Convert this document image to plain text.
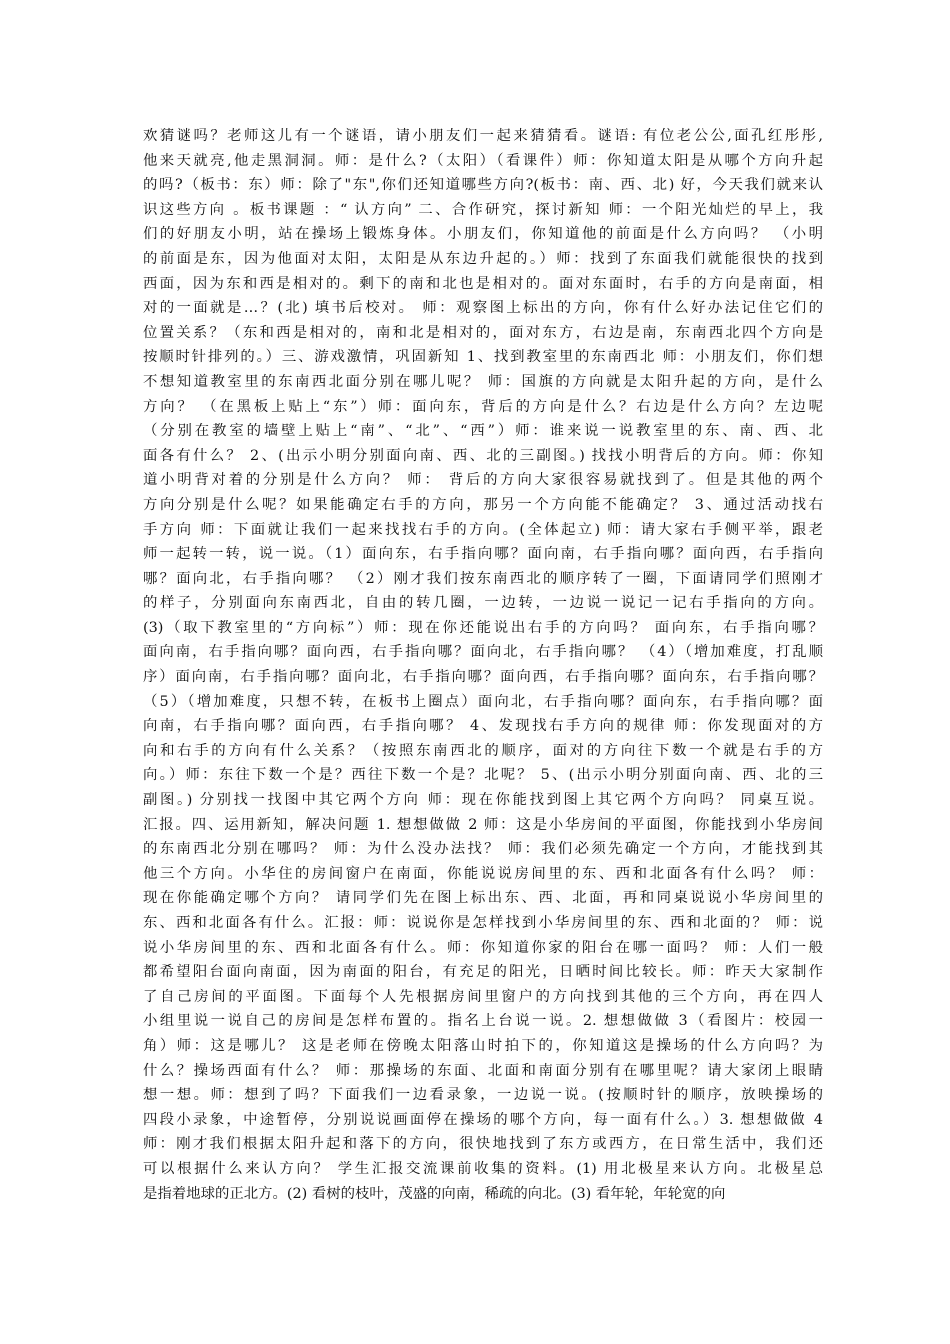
欢猜谜吗？老师这儿有一个谜语，请小朋友们一起来猜猜看。谜语: 有位老公公,面孔红彤彤,
他来天就亮,他走黑洞洞。师：是什么?（太阳）（看课件）师：你知道太阳是从哪个方向升起
的吗?（板书：东）师：除了"东",你们还知道哪些方向?(板书：南、西、北) 好，今天我们就来认
识这些方向 。板书课题 ：“ 认方向” 二、合作研究，探讨新知 师：一个阳光灿烂的早上，我
们的好朋友小明，站在操场上锻炼身体。小朋友们，你知道他的前面是什么方向吗？ （小明
的前面是东，因为他面对太阳，太阳是从东边升起的。）师：找到了东面我们就能很快的找到
西面，因为东和西是相对的。剩下的南和北也是相对的。面对东面时，右手的方向是南面，相
对的一面就是…？(北) 填书后校对。 师：观察图上标出的方向，你有什么好办法记住它们的
位置关系？（东和西是相对的，南和北是相对的，面对东方，右边是南，东南西北四个方向是
按顺时针排列的。）三、游戏激情，巩固新知 1、找到教室里的东南西北 师：小朋友们，你们想
不想知道教室里的东南西北面分别在哪儿呢？ 师：国旗的方向就是太阳升起的方向，是什么
方向？ （在黑板上贴上“东”）师：面向东，背后的方向是什么？右边是什么方向？左边呢
（分别在教室的墙壁上贴上“南”、“北”、“西”）师：谁来说一说教室里的东、南、西、北
面各有什么？ 2、(出示小明分别面向南、西、北的三副图。) 找找小明背后的方向。师：你知
道小明背对着的分别是什么方向？ 师： 背后的方向大家很容易就找到了。但是其他的两个
方向分别是什么呢？如果能确定右手的方向，那另一个方向能不能确定？ 3、通过活动找右
手方向 师：下面就让我们一起来找找右手的方向。(全体起立) 师：请大家右手侧平举，跟老
师一起转一转，说一说。（1）面向东，右手指向哪？面向南，右手指向哪？面向西，右手指向
哪？面向北，右手指向哪？ （2）刚才我们按东南西北的顺序转了一圈，下面请同学们照刚才
的样子，分别面向东南西北，自由的转几圈，一边转，一边说一说记一记右手指向的方向。
(3)（取下教室里的“方向标”）师：现在你还能说出右手的方向吗？ 面向东，右手指向哪？
面向南，右手指向哪？面向西，右手指向哪？面向北，右手指向哪？ （4）（增加难度，打乱顺
序）面向南，右手指向哪？面向北，右手指向哪？面向西，右手指向哪？面向东，右手指向哪？
（5）（增加难度，只想不转，在板书上圈点）面向北，右手指向哪？面向东，右手指向哪？面
向南，右手指向哪？面向西，右手指向哪？ 4、发现找右手方向的规律 师：你发现面对的方
向和右手的方向有什么关系？（按照东南西北的顺序，面对的方向往下数一个就是右手的方
向。）师：东往下数一个是？西往下数一个是？北呢？ 5、(出示小明分别面向南、西、北的三
副图。) 分别找一找图中其它两个方向 师：现在你能找到图上其它两个方向吗？ 同桌互说。
汇报。四、运用新知，解决问题 1. 想想做做 2 师：这是小华房间的平面图，你能找到小华房间
的东南西北分别在哪吗？ 师：为什么没办法找？ 师：我们必须先确定一个方向，才能找到其
他三个方向。小华住的房间窗户在南面，你能说说房间里的东、西和北面各有什么吗？ 师：
现在你能确定哪个方向？ 请同学们先在图上标出东、西、北面，再和同桌说说小华房间里的
东、西和北面各有什么。汇报：师：说说你是怎样找到小华房间里的东、西和北面的？ 师：说
说小华房间里的东、西和北面各有什么。师：你知道你家的阳台在哪一面吗？ 师：人们一般
都希望阳台面向南面，因为南面的阳台，有充足的阳光，日晒时间比较长。师：昨天大家制作
了自己房间的平面图。下面每个人先根据房间里窗户的方向找到其他的三个方向，再在四人
小组里说一说自己的房间是怎样布置的。指名上台说一说。2. 想想做做 3（看图片：校园一
角）师：这是哪儿？ 这是老师在傍晚太阳落山时拍下的，你知道这是操场的什么方向吗？为
什么？操场西面有什么？ 师：那操场的东面、北面和南面分别有在哪里呢？请大家闭上眼睛
想一想。师：想到了吗？下面我们一边看录象，一边说一说。(按顺时针的顺序，放映操场的
四段小录象，中途暂停，分别说说画面停在操场的哪个方向，每一面有什么。）3. 想想做做 4
师：刚才我们根据太阳升起和落下的方向，很快地找到了东方或西方，在日常生活中，我们还
可以根据什么来认方向？ 学生汇报交流课前收集的资料。(1) 用北极星来认方向。北极星总
是指着地球的正北方。(2) 看树的枝叶，茂盛的向南，稀疏的向北。(3) 看年轮，年轮宽的向
